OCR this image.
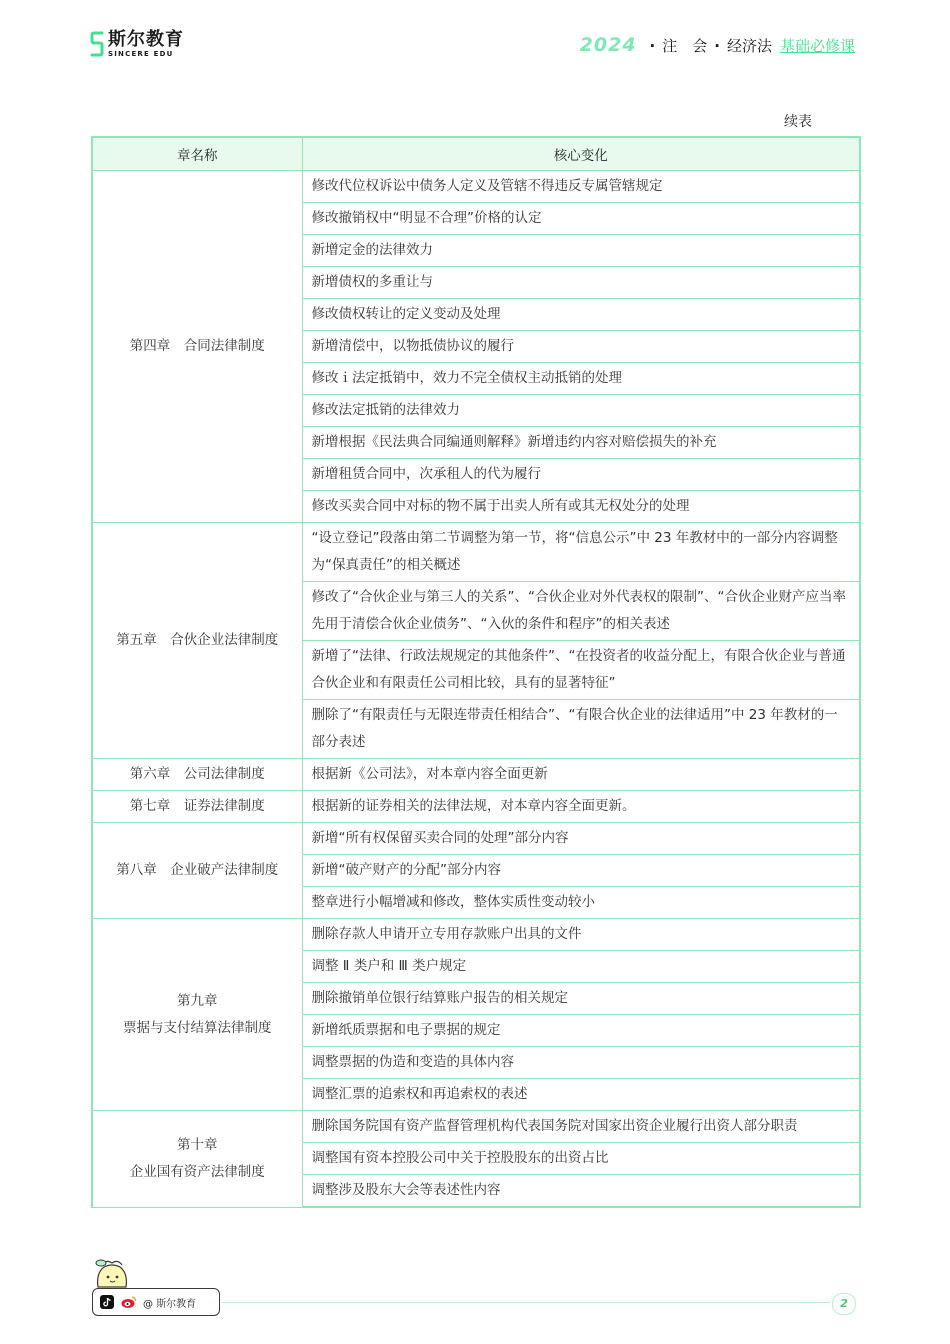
斯尔教育
SINCERE EDU	2024 · 注　会 · 经济法 基础必修课
续表
章名称	核心变化

第四章　合同法律制度	修改代位权诉讼中债务人定义及管辖不得违反专属管辖规定
	修改撤销权中“明显不合理”价格的认定
	新增定金的法律效力
	新增债权的多重让与
	修改债权转让的定义变动及处理
	新增清偿中，以物抵债协议的履行
	修改ｉ法定抵销中，效力不完全债权主动抵销的处理
	修改法定抵销的法律效力
	新增根据《民法典合同编通则解释》新增违约内容对赔偿损失的补充
	新增租赁合同中，次承租人的代为履行
	修改买卖合同中对标的物不属于出卖人所有或其无权处分的处理

第五章　合伙企业法律制度	“设立登记”段落由第二节调整为第一节，将“信息公示”中 23 年教材中的一部分内容调整为“保真责任”的相关概述
	修改了“合伙企业与第三人的关系”、“合伙企业对外代表权的限制”、“合伙企业财产应当率先用于清偿合伙企业债务”、“入伙的条件和程序”的相关表述
	新增了“法律、行政法规规定的其他条件”、“在投资者的收益分配上，有限合伙企业与普通合伙企业和有限责任公司相比较，具有的显著特征”
	删除了“有限责任与无限连带责任相结合”、“有限合伙企业的法律适用”中 23 年教材的一部分表述

第六章　公司法律制度	根据新《公司法》，对本章内容全面更新

第七章　证券法律制度	根据新的证券相关的法律法规，对本章内容全面更新。

第八章　企业破产法律制度	新增“所有权保留买卖合同的处理”部分内容
	新增“破产财产的分配”部分内容
	整章进行小幅增减和修改，整体实质性变动较小

第九章
票据与支付结算法律制度	删除存款人申请开立专用存款账户出具的文件
	调整 Ⅱ 类户和 Ⅲ 类户规定
	删除撤销单位银行结算账户报告的相关规定
	新增纸质票据和电子票据的规定
	调整票据的伪造和变造的具体内容
	调整汇票的追索权和再追索权的表述

第十章
企业国有资产法律制度	删除国务院国有资产监督管理机构代表国务院对国家出资企业履行出资人部分职责
	调整国有资本控股公司中关于控股股东的出资占比
	调整涉及股东大会等表述性内容
@ 斯尔教育	2
